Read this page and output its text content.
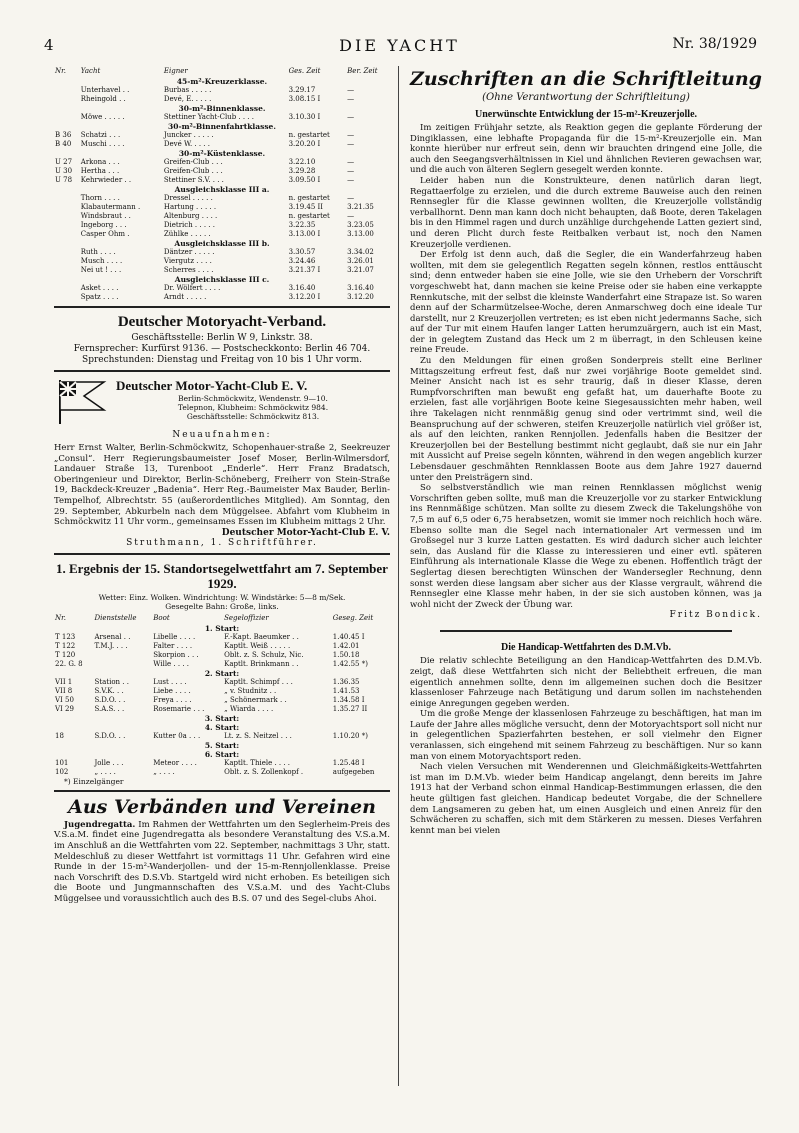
4	DIE YACHT	Nr. 38/1929
Nr.	Yacht	Eigner	Ges. Zeit	Ber. Zeit
45-m²-Kreuzerklasse.				
	Unterhavel . .	Burbas . . . . .	3.29.17	—
	Rheingold . .	Devé, E. . . . .	3.08.15 I	—
30-m²-Binnenklasse.				
	Möwe . . . . .	Stettiner Yacht-Club . . . .	3.10.30 I	—
30-m²-Binnenfahrtklasse.				
B 36	Schatzi . . .	Juncker . . . . .	n. gestartet	—
B 40	Muschi . . . .	Devé W. . . . .	3.20.20 I	—
30-m²-Küstenklasse.				
U 27	Arkona . . .	Greifen-Club . . .	3.22.10	—
U 30	Hertha . . .	Greifen-Club . . .	3.29.28	—
U 78	Kehrwieder . .	Stettiner S.V. . . .	3.09.50 I	—
Ausgleichsklasse III a.				
	Thorn . . . .	Dressel . . . . .	n. gestartet	—
	Klabautermann .	Hartung . . . . .	3.19.45 II	3.21.35
	Windsbraut . .	Altenburg . . . .	n. gestartet	—
	Ingeborg . . .	Dietrich . . . . .	3.22.35	3.23.05
	Casper Ohm .	Zühlke . . . . .	3.13.00 I	3.13.00
Ausgleichsklasse III b.				
	Ruth . . . .	Däntzer . . . . .	3.30.57	3.34.02
	Musch . . . .	Viergutz . . . .	3.24.46	3.26.01
	Nei ut ! . . .	Scherres . . . .	3.21.37 I	3.21.07
Ausgleichsklasse III c.				
	Asket . . . .	Dr. Wölfert . . . .	3.16.40	3.16.40
	Spatz . . . .	Arndt . . . . .	3.12.20 I	3.12.20
Deutscher Motoryacht-Verband.
Geschäftsstelle: Berlin W 9, Linkstr. 38.
Fernsprecher: Kurfürst 9136. — Postscheckkonto: Berlin 46 704.
Sprechstunden: Dienstag und Freitag von 10 bis 1 Uhr vorm.
Deutscher Motor-Yacht-Club E. V.
Berlin-Schmöckwitz, Wendenstr. 9—10.
Telepnon, Klubheim: Schmöckwitz 984.
Geschäftsstelle: Schmöckwitz 813.
Neuaufnahmen:

Herr Ernst Walter, Berlin-Schmöckwitz, Schopenhauer-straße 2, Seekreuzer „Consul“. Herr Regierungsbaumeister Josef Moser, Berlin-Wilmersdorf, Landauer Straße 13, Turenboot „Enderle“. Herr Franz Bradatsch, Oberingenieur und Direktor, Berlin-Schöneberg, Freiherr von Stein-Straße 19, Backdeck-Kreuzer „Badenia“. Herr Reg.-Baumeister Max Bauder, Berlin-Tempelhof, Albrechtstr. 55 (außerordentliches Mitglied). Am Sonntag, den 29. September, Abkurbeln nach dem Müggelsee. Abfahrt vom Klubheim in Schmöckwitz 11 Uhr vorm., gemeinsames Essen im Klubheim mittags 2 Uhr.

Deutscher Motor-Yacht-Club E. V.
Struthmann, 1. Schriftführer.
1. Ergebnis der 15. Standortsegelwettfahrt am 7. September 1929.
Wetter: Einz. Wolken. Windrichtung: W. Windstärke: 5—8 m/Sek.
Gesegelte Bahn: Große, links.
Nr.	Dienststelle	Boot	Segeloffizier	Geseg. Zeit
1. Start:				
T 123	Arsenal . .	Libelle . . . .	F.-Kapt. Baeumker . .	1.40.45 I
T 122	T.M.J. . . .	Falter . . . .	Kaptlt. Weiß . . . . .	1.42.01
T 120		Skorpion . . .	Oblt. z. S. Schulz, Nic.	1.50.18
22. G. 8		Wille . . . .	Kaptlt. Brinkmann . .	1.42.55 *)
2. Start:				
VII 1	Station . .	Lust . . . .	Kaptlt. Schimpf . . .	1.36.35
VII 8	S.V.K. . .	Liebe . . . .	„ v. Studnitz . .	1.41.53
VI 50	S.D.O. . .	Freya . . . .	„ Schönermark . .	1.34.58 I
VI 29	S.A.S. . .	Rosemarie . . .	„ Wiarda . . . .	1.35.27 II
3. Start:				
4. Start:				
18	S.D.O. . .	Kutter 0a . . .	Lt. z. S. Neitzel . . .	1.10.20 *)
5. Start:				
6. Start:				
101	Jolle . . .	Meteor . . . .	Kaptlt. Thiele . . . .	1.25.48 I
102	„ . . . .	„ . . . .	Oblt. z. S. Zollenkopf .	aufgegeben
*) Einzelgänger
Aus Verbänden und Vereinen

Jugendregatta. Im Rahmen der Wettfahrten um den Seglerheim-Preis des V.S.a.M. findet eine Jugendregatta als besondere Veranstaltung des V.S.a.M. im Anschluß an die Wettfahrten vom 22. September, nachmittags 3 Uhr, statt. Meldeschluß zu dieser Wettfahrt ist vormittags 11 Uhr. Gefahren wird eine Runde in der 15-m²-Wanderjollen- und der 15-m-Rennjollenklasse. Preise nach Vorschrift des D.S.Vb. Startgeld wird nicht erhoben. Es beteiligen sich die Boote und Jungmannschaften des V.S.a.M. und des Yacht-Clubs Müggelsee und voraussichtlich auch des B.S. 07 und des Segel-clubs Ahoi.

Zuschriften an die Schriftleitung
(Ohne Verantwortung der Schriftleitung)
Unerwünschte Entwicklung der 15-m²-Kreuzerjolle.

Im zeitigen Frühjahr setzte, als Reaktion gegen die geplante Förderung der Dingiklassen, eine lebhafte Propaganda für die 15-m²-Kreuzerjolle ein. Man konnte hierüber nur erfreut sein, denn wir brauchten dringend eine Jolle, die auch den Seegangsverhältnissen in Kiel und ähnlichen Revieren gewachsen war, und die auch von älteren Seglern gesegelt werden konnte.

Leider haben nun die Konstrukteure, denen natürlich daran liegt, Regattaerfolge zu erzielen, und die durch extreme Bauweise auch den reinen Rennsegler für die Klasse gewinnen wollten, die Kreuzerjolle vollständig verballhornt. Denn man kann doch nicht behaupten, daß Boote, deren Takelagen bis in den Himmel ragen und durch unzählige durchgehende Latten geziert sind, und deren Plicht durch feste Reitbalken verbaut ist, noch den Namen Kreuzerjolle verdienen.

Der Erfolg ist denn auch, daß die Segler, die ein Wanderfahrzeug haben wollten, mit dem sie gelegentlich Regatten segeln können, restlos enttäuscht sind; denn entweder haben sie eine Jolle, wie sie den Urhebern der Vorschrift vorgeschwebt hat, dann machen sie keine Preise oder sie haben eine verkappte Rennkutsche, mit der selbst die kleinste Wanderfahrt eine Strapaze ist. So waren denn auf der Scharmützelsee-Woche, deren Anmarschweg doch eine ideale Tur darstellt, nur 2 Kreuzerjollen vertreten; es ist eben nicht jedermanns Sache, sich auf der Tur mit einem Haufen langer Latten herumzuärgern, auch ist ein Mast, der in gelegtem Zustand das Heck um 2 m überragt, in den Schleusen keine reine Freude.

Zu den Meldungen für einen großen Sonderpreis stellt eine Berliner Mittagszeitung erfreut fest, daß nur zwei vorjährige Boote gemeldet sind. Meiner Ansicht nach ist es sehr traurig, daß in dieser Klasse, deren Rumpfvorschriften man bewußt eng gefaßt hat, um dauerhafte Boote zu erzielen, fast alle vorjährigen Boote keine Siegesaussichten mehr haben, weil ihre Takelagen nicht rennmäßig genug sind oder vertrimmt sind, weil die Beanspruchung auf der schweren, steifen Kreuzerjolle natürlich viel größer ist, als auf den leichten, ranken Rennjollen. Jedenfalls haben die Besitzer der Kreuzerjollen bei der Bestellung bestimmt nicht geglaubt, daß sie nur ein Jahr mit Aussicht auf Preise segeln könnten, während in den wegen angeblich kurzer Lebensdauer geschmähten Rennklassen Boote aus dem Jahre 1927 dauernd unter den Preisträgern sind.

So selbstverständlich wie man reinen Rennklassen möglichst wenig Vorschriften geben sollte, muß man die Kreuzerjolle vor zu starker Entwicklung ins Rennmäßige schützen. Man sollte zu diesem Zweck die Takelungshöhe von 7,5 m auf 6,5 oder 6,75 herabsetzen, womit sie immer noch reichlich hoch wäre. Ebenso sollte man die Segel nach internationaler Art vermessen und im Großsegel nur 3 kurze Latten gestatten. Es wird dadurch sicher auch leichter sein, das Ausland für die Klasse zu interessieren und einer evtl. späteren Einführung als internationale Klasse die Wege zu ebenen. Hoffentlich trägt der Seglertag diesen berechtigten Wünschen der Wandersegler Rechnung, denn sonst werden diese langsam aber sicher aus der Klasse vergrault, während die Rennsegler eine Klasse mehr haben, in der sie sich austoben können, was ja wohl nicht der Zweck der Übung war.

Fritz Bondick.
Die Handicap-Wettfahrten des D.M.Vb.

Die relativ schlechte Beteiligung an den Handicap-Wettfahrten des D.M.Vb. zeigt, daß diese Wettfahrten sich nicht der Beliebtheit erfreuen, die man eigentlich annehmen sollte, denn im allgemeinen suchen doch die Besitzer klassenloser Fahrzeuge nach Betätigung und darum sollen im nachstehenden einige Anregungen gegeben werden.

Um die große Menge der klassenlosen Fahrzeuge zu beschäftigen, hat man im Laufe der Jahre alles mögliche versucht, denn der Motoryachtsport soll nicht nur in gelegentlichen Spazierfahrten bestehen, er soll vielmehr den Eigner veranlassen, sich eingehend mit seinem Fahrzeug zu beschäftigen. Nur so kann man von einem Motoryachtsport reden.

Nach vielen Versuchen mit Wenderennen und Gleichmäßigkeits-Wettfahrten ist man im D.M.Vb. wieder beim Handicap angelangt, denn bereits im Jahre 1913 hat der Verband schon einmal Handicap-Bestimmungen erlassen, die den heute gültigen fast gleichen. Handicap bedeutet Vorgabe, die der Schnellere dem Langsameren zu geben hat, um einen Ausgleich und einen Anreiz für den Schwächeren zu schaffen, sich mit dem Stärkeren zu messen. Dieses Verfahren kennt man bei vielen
